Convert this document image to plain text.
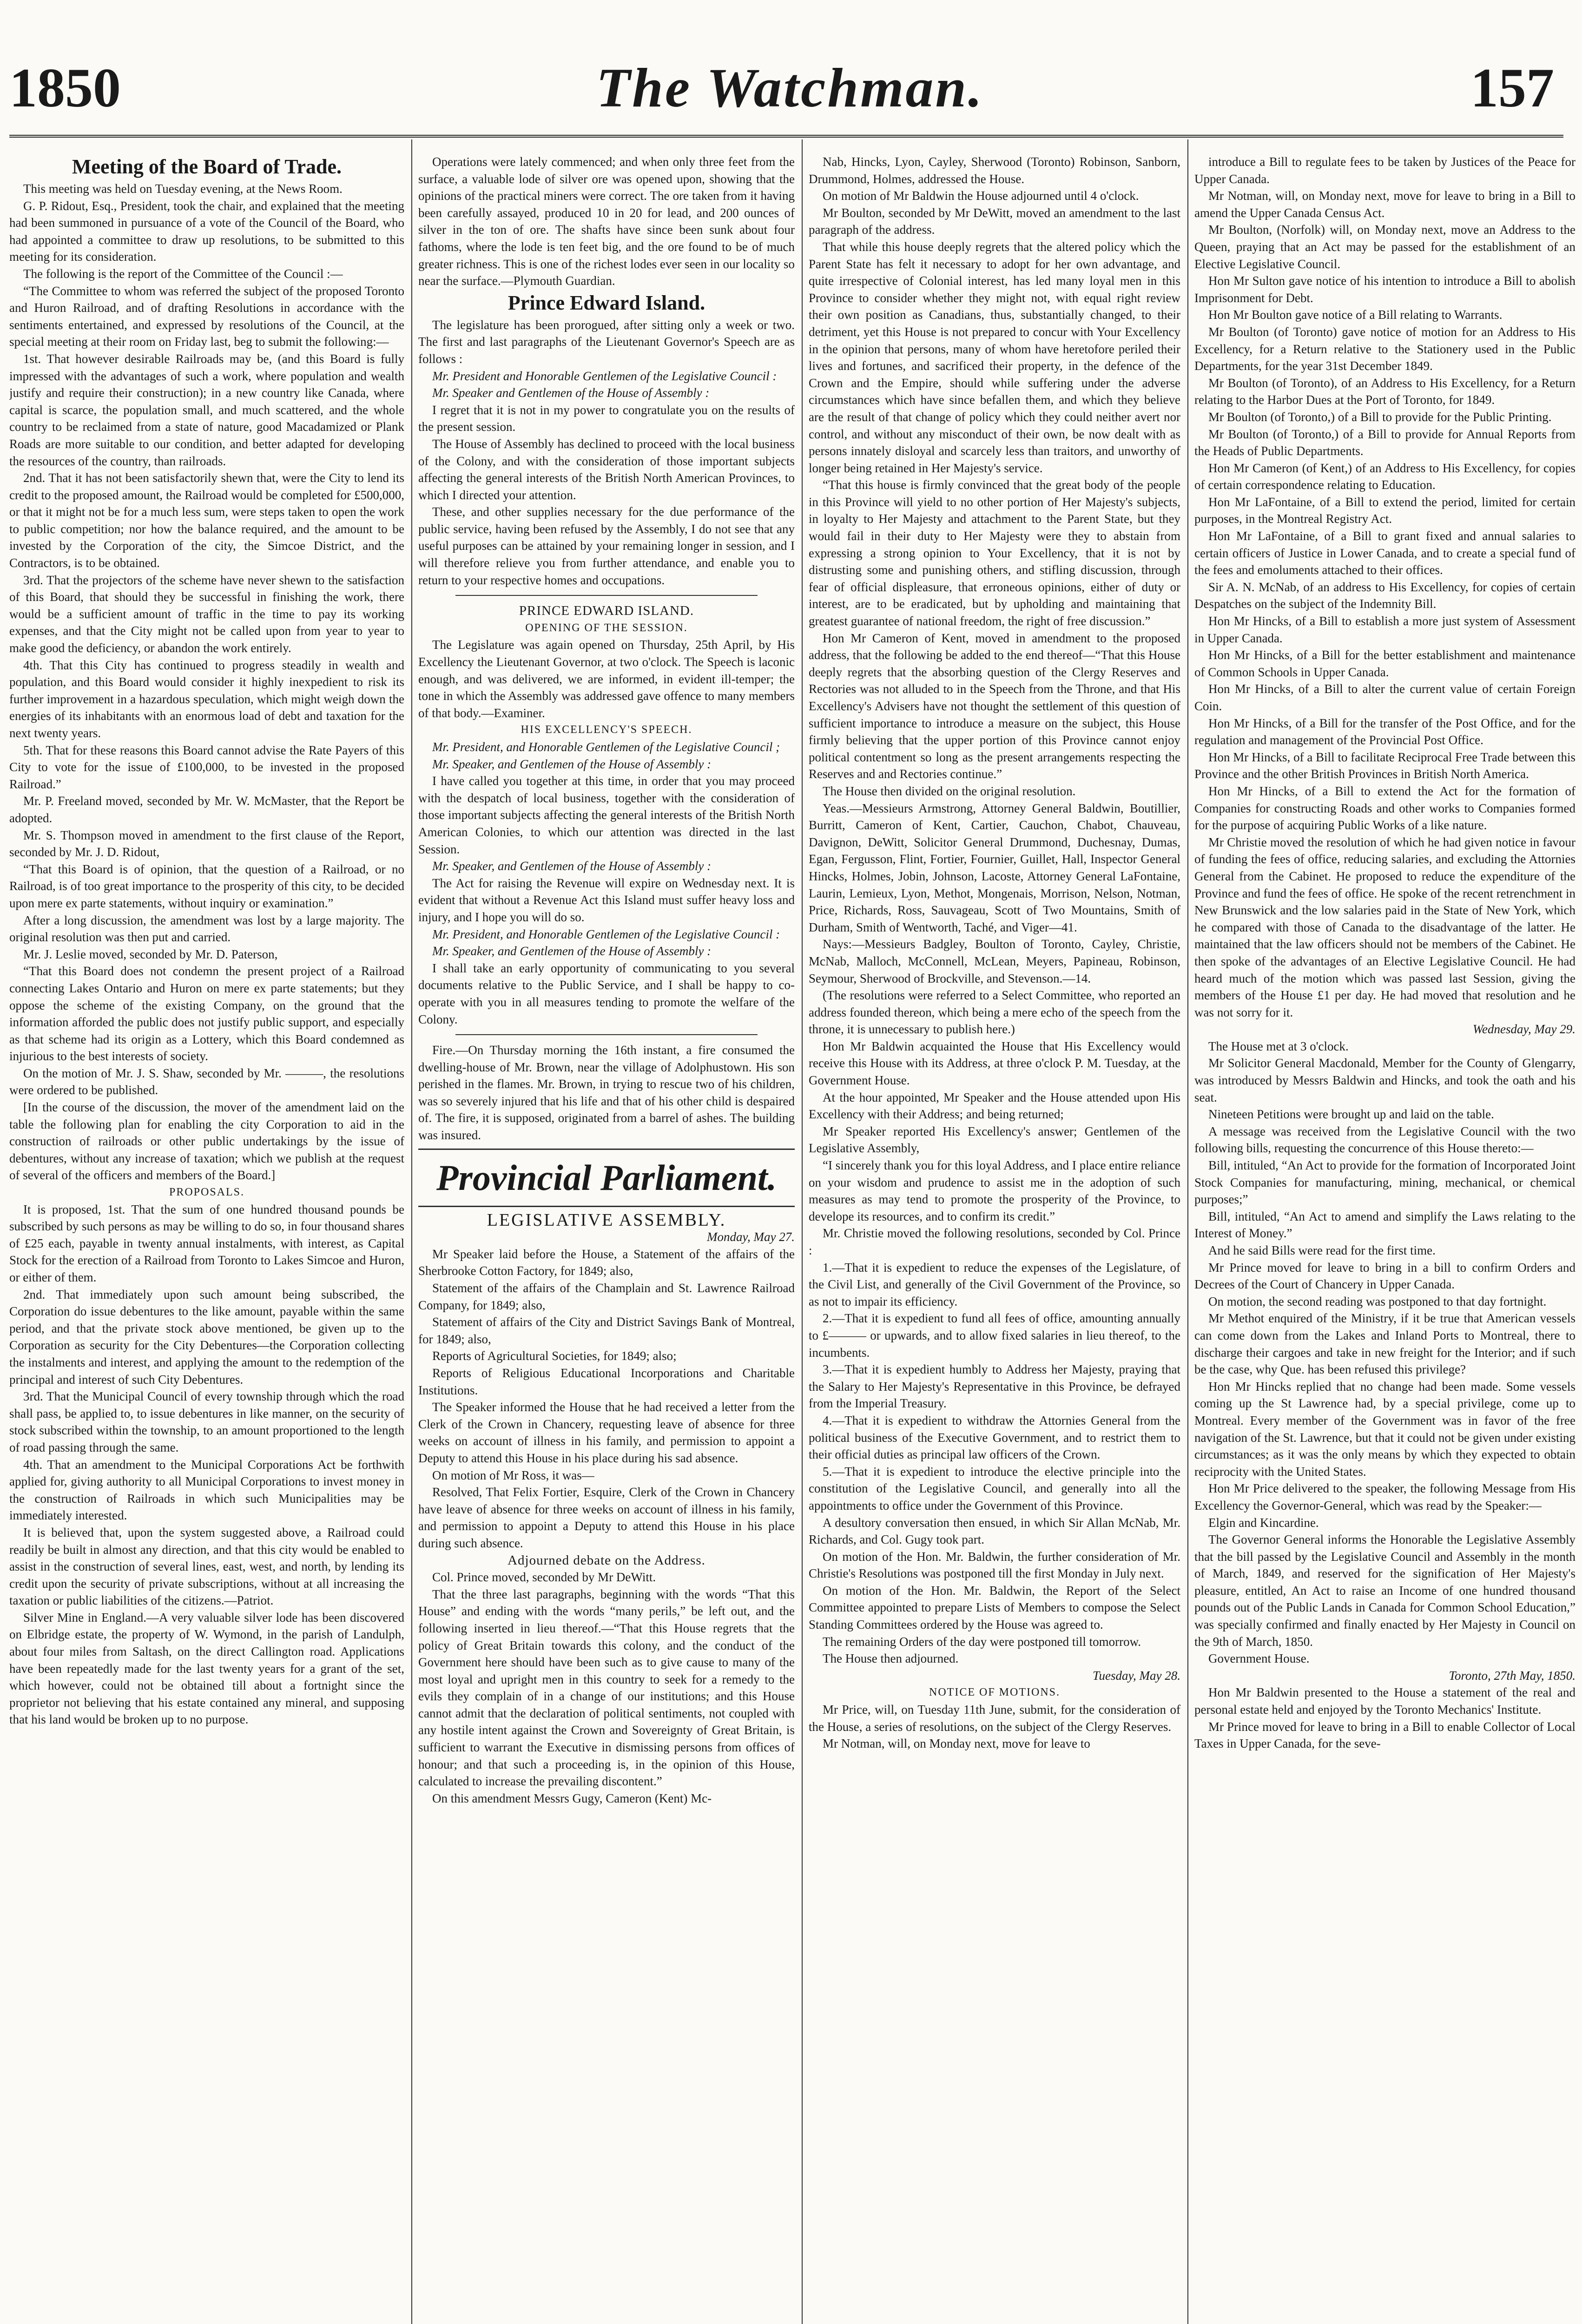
1850	The Watchman.	157

Meeting of the Board of Trade.

This meeting was held on Tuesday evening, at the News Room.

G. P. Ridout, Esq., President, took the chair, and explained that the meeting had been summoned in pursuance of a vote of the Council of the Board, who had appointed a committee to draw up resolutions, to be submitted to this meeting for its consideration.

The following is the report of the Committee of the Council :—

“The Committee to whom was referred the subject of the proposed Toronto and Huron Railroad, and of drafting Resolutions in accordance with the sentiments entertained, and expressed by resolutions of the Council, at the special meeting at their room on Friday last, beg to submit the following:—

1st. That however desirable Railroads may be, (and this Board is fully impressed with the advantages of such a work, where population and wealth justify and require their construction); in a new country like Canada, where capital is scarce, the population small, and much scattered, and the whole country to be reclaimed from a state of nature, good Macadamized or Plank Roads are more suitable to our condition, and better adapted for developing the resources of the country, than railroads.

2nd. That it has not been satisfactorily shewn that, were the City to lend its credit to the proposed amount, the Railroad would be completed for £500,000, or that it might not be for a much less sum, were steps taken to open the work to public competition; nor how the balance required, and the amount to be invested by the Corporation of the city, the Simcoe District, and the Contractors, is to be obtained.

3rd. That the projectors of the scheme have never shewn to the satisfaction of this Board, that should they be successful in finishing the work, there would be a sufficient amount of traffic in the time to pay its working expenses, and that the City might not be called upon from year to year to make good the deficiency, or abandon the work entirely.

4th. That this City has continued to progress steadily in wealth and population, and this Board would consider it highly inexpedient to risk its further improvement in a hazardous speculation, which might weigh down the energies of its inhabitants with an enormous load of debt and taxation for the next twenty years.

5th. That for these reasons this Board cannot advise the Rate Payers of this City to vote for the issue of £100,000, to be invested in the proposed Railroad.”

Mr. P. Freeland moved, seconded by Mr. W. McMaster, that the Report be adopted.

Mr. S. Thompson moved in amendment to the first clause of the Report, seconded by Mr. J. D. Ridout,

“That this Board is of opinion, that the question of a Railroad, or no Railroad, is of too great importance to the prosperity of this city, to be decided upon mere ex parte statements, without inquiry or examination.”

After a long discussion, the amendment was lost by a large majority. The original resolution was then put and carried.

Mr. J. Leslie moved, seconded by Mr. D. Paterson,

“That this Board does not condemn the present project of a Railroad connecting Lakes Ontario and Huron on mere ex parte statements; but they oppose the scheme of the existing Company, on the ground that the information afforded the public does not justify public support, and especially as that scheme had its origin as a Lottery, which this Board condemned as injurious to the best interests of society.

On the motion of Mr. J. S. Shaw, seconded by Mr. ———, the resolutions were ordered to be published.

[In the course of the discussion, the mover of the amendment laid on the table the following plan for enabling the city Corporation to aid in the construction of railroads or other public undertakings by the issue of debentures, without any increase of taxation; which we publish at the request of several of the officers and members of the Board.]

PROPOSALS.

It is proposed, 1st. That the sum of one hundred thousand pounds be subscribed by such persons as may be willing to do so, in four thousand shares of £25 each, payable in twenty annual instalments, with interest, as Capital Stock for the erection of a Railroad from Toronto to Lakes Simcoe and Huron, or either of them.

2nd. That immediately upon such amount being subscribed, the Corporation do issue debentures to the like amount, payable within the same period, and that the private stock above mentioned, be given up to the Corporation as security for the City Debentures—the Corporation collecting the instalments and interest, and applying the amount to the redemption of the principal and interest of such City Debentures.

3rd. That the Municipal Council of every township through which the road shall pass, be applied to, to issue debentures in like manner, on the security of stock subscribed within the township, to an amount proportioned to the length of road passing through the same.

4th. That an amendment to the Municipal Corporations Act be forthwith applied for, giving authority to all Municipal Corporations to invest money in the construction of Railroads in which such Municipalities may be immediately interested.

It is believed that, upon the system suggested above, a Railroad could readily be built in almost any direction, and that this city would be enabled to assist in the construction of several lines, east, west, and north, by lending its credit upon the security of private subscriptions, without at all increasing the taxation or public liabilities of the citizens.—Patriot.

Silver Mine in England.—A very valuable silver lode has been discovered on Elbridge estate, the property of W. Wymond, in the parish of Landulph, about four miles from Saltash, on the direct Callington road. Applications have been repeatedly made for the last twenty years for a grant of the set, which however, could not be obtained till about a fortnight since the proprietor not believing that his estate contained any mineral, and supposing that his land would be broken up to no purpose.

Operations were lately commenced; and when only three feet from the surface, a valuable lode of silver ore was opened upon, showing that the opinions of the practical miners were correct. The ore taken from it having been carefully assayed, produced 10 in 20 for lead, and 200 ounces of silver in the ton of ore. The shafts have since been sunk about four fathoms, where the lode is ten feet big, and the ore found to be of much greater richness. This is one of the richest lodes ever seen in our locality so near the surface.—Plymouth Guardian.

Prince Edward Island.

The legislature has been prorogued, after sitting only a week or two. The first and last paragraphs of the Lieutenant Governor's Speech are as follows :

Mr. President and Honorable Gentlemen of the Legislative Council :

Mr. Speaker and Gentlemen of the House of Assembly :

I regret that it is not in my power to congratulate you on the results of the present session.

The House of Assembly has declined to proceed with the local business of the Colony, and with the consideration of those important subjects affecting the general interests of the British North American Provinces, to which I directed your attention.

These, and other supplies necessary for the due performance of the public service, having been refused by the Assembly, I do not see that any useful purposes can be attained by your remaining longer in session, and I will therefore relieve you from further attendance, and enable you to return to your respective homes and occupations.

PRINCE EDWARD ISLAND.

OPENING OF THE SESSION.

The Legislature was again opened on Thursday, 25th April, by His Excellency the Lieutenant Governor, at two o'clock. The Speech is laconic enough, and was delivered, we are informed, in evident ill-temper; the tone in which the Assembly was addressed gave offence to many members of that body.—Examiner.

HIS EXCELLENCY'S SPEECH.

Mr. President, and Honorable Gentlemen of the Legislative Council ;

Mr. Speaker, and Gentlemen of the House of Assembly :

I have called you together at this time, in order that you may proceed with the despatch of local business, together with the consideration of those important subjects affecting the general interests of the British North American Colonies, to which our attention was directed in the last Session.

Mr. Speaker, and Gentlemen of the House of Assembly :

The Act for raising the Revenue will expire on Wednesday next. It is evident that without a Revenue Act this Island must suffer heavy loss and injury, and I hope you will do so.

Mr. President, and Honorable Gentlemen of the Legislative Council :

Mr. Speaker, and Gentlemen of the House of Assembly :

I shall take an early opportunity of communicating to you several documents relative to the Public Service, and I shall be happy to co-operate with you in all measures tending to promote the welfare of the Colony.

Fire.—On Thursday morning the 16th instant, a fire consumed the dwelling-house of Mr. Brown, near the village of Adolphustown. His son perished in the flames. Mr. Brown, in trying to rescue two of his children, was so severely injured that his life and that of his other child is despaired of. The fire, it is supposed, originated from a barrel of ashes. The building was insured.

Provincial Parliament.

LEGISLATIVE ASSEMBLY.

Monday, May 27.

Mr Speaker laid before the House, a Statement of the affairs of the Sherbrooke Cotton Factory, for 1849; also,

Statement of the affairs of the Champlain and St. Lawrence Railroad Company, for 1849; also,

Statement of affairs of the City and District Savings Bank of Montreal, for 1849; also,

Reports of Agricultural Societies, for 1849; also;

Reports of Religious Educational Incorporations and Charitable Institutions.

The Speaker informed the House that he had received a letter from the Clerk of the Crown in Chancery, requesting leave of absence for three weeks on account of illness in his family, and permission to appoint a Deputy to attend this House in his place during his sad absence.

On motion of Mr Ross, it was—

Resolved, That Felix Fortier, Esquire, Clerk of the Crown in Chancery have leave of absence for three weeks on account of illness in his family, and permission to appoint a Deputy to attend this House in his place during such absence.

Adjourned debate on the Address.

Col. Prince moved, seconded by Mr DeWitt.

That the three last paragraphs, beginning with the words “That this House” and ending with the words “many perils,” be left out, and the following inserted in lieu thereof.—“That this House regrets that the policy of Great Britain towards this colony, and the conduct of the Government here should have been such as to give cause to many of the most loyal and upright men in this country to seek for a remedy to the evils they complain of in a change of our institutions; and this House cannot admit that the declaration of political sentiments, not coupled with any hostile intent against the Crown and Sovereignty of Great Britain, is sufficient to warrant the Executive in dismissing persons from offices of honour; and that such a proceeding is, in the opinion of this House, calculated to increase the prevailing discontent.”

On this amendment Messrs Gugy, Cameron (Kent) Mc-

Nab, Hincks, Lyon, Cayley, Sherwood (Toronto) Robinson, Sanborn, Drummond, Holmes, addressed the House.

On motion of Mr Baldwin the House adjourned until 4 o'clock.

Mr Boulton, seconded by Mr DeWitt, moved an amendment to the last paragraph of the address.

That while this house deeply regrets that the altered policy which the Parent State has felt it necessary to adopt for her own advantage, and quite irrespective of Colonial interest, has led many loyal men in this Province to consider whether they might not, with equal right review their own position as Canadians, thus, substantially changed, to their detriment, yet this House is not prepared to concur with Your Excellency in the opinion that persons, many of whom have heretofore periled their lives and fortunes, and sacrificed their property, in the defence of the Crown and the Empire, should while suffering under the adverse circumstances which have since befallen them, and which they believe are the result of that change of policy which they could neither avert nor control, and without any misconduct of their own, be now dealt with as persons innately disloyal and scarcely less than traitors, and unworthy of longer being retained in Her Majesty's service.

“That this house is firmly convinced that the great body of the people in this Province will yield to no other portion of Her Majesty's subjects, in loyalty to Her Majesty and attachment to the Parent State, but they would fail in their duty to Her Majesty were they to abstain from expressing a strong opinion to Your Excellency, that it is not by distrusting some and punishing others, and stifling discussion, through fear of official displeasure, that erroneous opinions, either of duty or interest, are to be eradicated, but by upholding and maintaining that greatest guarantee of national freedom, the right of free discussion.”

Hon Mr Cameron of Kent, moved in amendment to the proposed address, that the following be added to the end thereof—“That this House deeply regrets that the absorbing question of the Clergy Reserves and Rectories was not alluded to in the Speech from the Throne, and that His Excellency's Advisers have not thought the settlement of this question of sufficient importance to introduce a measure on the subject, this House firmly believing that the upper portion of this Province cannot enjoy political contentment so long as the present arrangements respecting the Reserves and and Rectories continue.”

The House then divided on the original resolution.

Yeas.—Messieurs Armstrong, Attorney General Baldwin, Boutillier, Burritt, Cameron of Kent, Cartier, Cauchon, Chabot, Chauveau, Davignon, DeWitt, Solicitor General Drummond, Duchesnay, Dumas, Egan, Fergusson, Flint, Fortier, Fournier, Guillet, Hall, Inspector General Hincks, Holmes, Jobin, Johnson, Lacoste, Attorney General LaFontaine, Laurin, Lemieux, Lyon, Methot, Mongenais, Morrison, Nelson, Notman, Price, Richards, Ross, Sauvageau, Scott of Two Mountains, Smith of Durham, Smith of Wentworth, Taché, and Viger—41.

Nays:—Messieurs Badgley, Boulton of Toronto, Cayley, Christie, McNab, Malloch, McConnell, McLean, Meyers, Papineau, Robinson, Seymour, Sherwood of Brockville, and Stevenson.—14.

(The resolutions were referred to a Select Committee, who reported an address founded thereon, which being a mere echo of the speech from the throne, it is unnecessary to publish here.)

Hon Mr Baldwin acquainted the House that His Excellency would receive this House with its Address, at three o'clock P. M. Tuesday, at the Government House.

At the hour appointed, Mr Speaker and the House attended upon His Excellency with their Address; and being returned;

Mr Speaker reported His Excellency's answer; Gentlemen of the Legislative Assembly,

“I sincerely thank you for this loyal Address, and I place entire reliance on your wisdom and prudence to assist me in the adoption of such measures as may tend to promote the prosperity of the Province, to develope its resources, and to confirm its credit.”

Mr. Christie moved the following resolutions, seconded by Col. Prince :

1.—That it is expedient to reduce the expenses of the Legislature, of the Civil List, and generally of the Civil Government of the Province, so as not to impair its efficiency.

2.—That it is expedient to fund all fees of office, amounting annually to £——— or upwards, and to allow fixed salaries in lieu thereof, to the incumbents.

3.—That it is expedient humbly to Address her Majesty, praying that the Salary to Her Majesty's Representative in this Province, be defrayed from the Imperial Treasury.

4.—That it is expedient to withdraw the Attornies General from the political business of the Executive Government, and to restrict them to their official duties as principal law officers of the Crown.

5.—That it is expedient to introduce the elective principle into the constitution of the Legislative Council, and generally into all the appointments to office under the Government of this Province.

A desultory conversation then ensued, in which Sir Allan McNab, Mr. Richards, and Col. Gugy took part.

On motion of the Hon. Mr. Baldwin, the further consideration of Mr. Christie's Resolutions was postponed till the first Monday in July next.

On motion of the Hon. Mr. Baldwin, the Report of the Select Committee appointed to prepare Lists of Members to compose the Select Standing Committees ordered by the House was agreed to.

The remaining Orders of the day were postponed till tomorrow.

The House then adjourned.

Tuesday, May 28.

NOTICE OF MOTIONS.

Mr Price, will, on Tuesday 11th June, submit, for the consideration of the House, a series of resolutions, on the subject of the Clergy Reserves.

Mr Notman, will, on Monday next, move for leave to

introduce a Bill to regulate fees to be taken by Justices of the Peace for Upper Canada.

Mr Notman, will, on Monday next, move for leave to bring in a Bill to amend the Upper Canada Census Act.

Mr Boulton, (Norfolk) will, on Monday next, move an Address to the Queen, praying that an Act may be passed for the establishment of an Elective Legislative Council.

Hon Mr Sulton gave notice of his intention to introduce a Bill to abolish Imprisonment for Debt.

Hon Mr Boulton gave notice of a Bill relating to Warrants.

Mr Boulton (of Toronto) gave notice of motion for an Address to His Excellency, for a Return relative to the Stationery used in the Public Departments, for the year 31st December 1849.

Mr Boulton (of Toronto), of an Address to His Excellency, for a Return relating to the Harbor Dues at the Port of Toronto, for 1849.

Mr Boulton (of Toronto,) of a Bill to provide for the Public Printing.

Mr Boulton (of Toronto,) of a Bill to provide for Annual Reports from the Heads of Public Departments.

Hon Mr Cameron (of Kent,) of an Address to His Excellency, for copies of certain correspondence relating to Education.

Hon Mr LaFontaine, of a Bill to extend the period, limited for certain purposes, in the Montreal Registry Act.

Hon Mr LaFontaine, of a Bill to grant fixed and annual salaries to certain officers of Justice in Lower Canada, and to create a special fund of the fees and emoluments attached to their offices.

Sir A. N. McNab, of an address to His Excellency, for copies of certain Despatches on the subject of the Indemnity Bill.

Hon Mr Hincks, of a Bill to establish a more just system of Assessment in Upper Canada.

Hon Mr Hincks, of a Bill for the better establishment and maintenance of Common Schools in Upper Canada.

Hon Mr Hincks, of a Bill to alter the current value of certain Foreign Coin.

Hon Mr Hincks, of a Bill for the transfer of the Post Office, and for the regulation and management of the Provincial Post Office.

Hon Mr Hincks, of a Bill to facilitate Reciprocal Free Trade between this Province and the other British Provinces in British North America.

Hon Mr Hincks, of a Bill to extend the Act for the formation of Companies for constructing Roads and other works to Companies formed for the purpose of acquiring Public Works of a like nature.

Mr Christie moved the resolution of which he had given notice in favour of funding the fees of office, reducing salaries, and excluding the Attornies General from the Cabinet. He proposed to reduce the expenditure of the Province and fund the fees of office. He spoke of the recent retrenchment in New Brunswick and the low salaries paid in the State of New York, which he compared with those of Canada to the disadvantage of the latter. He maintained that the law officers should not be members of the Cabinet. He then spoke of the advantages of an Elective Legislative Council. He had heard much of the motion which was passed last Session, giving the members of the House £1 per day. He had moved that resolution and he was not sorry for it.

Wednesday, May 29.

The House met at 3 o'clock.

Mr Solicitor General Macdonald, Member for the County of Glengarry, was introduced by Messrs Baldwin and Hincks, and took the oath and his seat.

Nineteen Petitions were brought up and laid on the table.

A message was received from the Legislative Council with the two following bills, requesting the concurrence of this House thereto:—

Bill, intituled, “An Act to provide for the formation of Incorporated Joint Stock Companies for manufacturing, mining, mechanical, or chemical purposes;”

Bill, intituled, “An Act to amend and simplify the Laws relating to the Interest of Money.”

And he said Bills were read for the first time.

Mr Prince moved for leave to bring in a bill to confirm Orders and Decrees of the Court of Chancery in Upper Canada.

On motion, the second reading was postponed to that day fortnight.

Mr Methot enquired of the Ministry, if it be true that American vessels can come down from the Lakes and Inland Ports to Montreal, there to discharge their cargoes and take in new freight for the Interior; and if such be the case, why Que. has been refused this privilege?

Hon Mr Hincks replied that no change had been made. Some vessels coming up the St Lawrence had, by a special privilege, come up to Montreal. Every member of the Government was in favor of the free navigation of the St. Lawrence, but that it could not be given under existing circumstances; as it was the only means by which they expected to obtain reciprocity with the United States.

Hon Mr Price delivered to the speaker, the following Message from His Excellency the Governor-General, which was read by the Speaker:—

Elgin and Kincardine.

The Governor General informs the Honorable the Legislative Assembly that the bill passed by the Legislative Council and Assembly in the month of March, 1849, and reserved for the signification of Her Majesty's pleasure, entitled, An Act to raise an Income of one hundred thousand pounds out of the Public Lands in Canada for Common School Education,” was specially confirmed and finally enacted by Her Majesty in Council on the 9th of March, 1850.

Government House.

Toronto, 27th May, 1850.

Hon Mr Baldwin presented to the House a statement of the real and personal estate held and enjoyed by the Toronto Mechanics' Institute.

Mr Prince moved for leave to bring in a Bill to enable Collector of Local Taxes in Upper Canada, for the seve-
